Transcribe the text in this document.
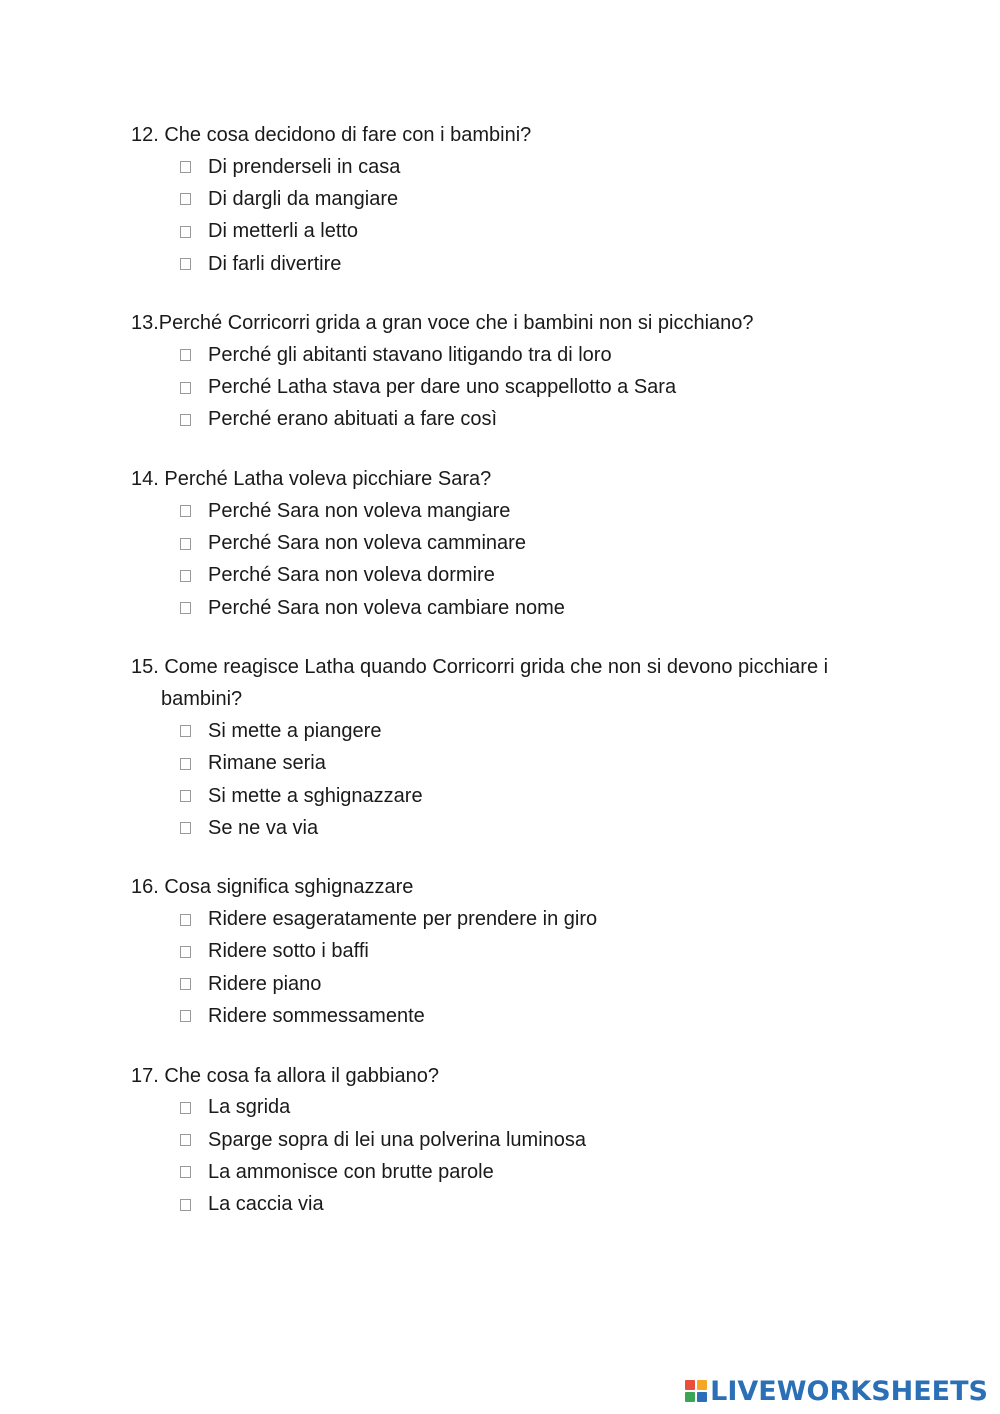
12. Che cosa decidono di fare con i bambini?

Di prenderseli in casa
Di dargli da mangiare
Di metterli a letto
Di farli divertire

13.Perché Corricorri grida a gran voce che i bambini non si picchiano?

Perché gli abitanti stavano litigando tra di loro
Perché Latha stava per dare uno scappellotto a Sara
Perché erano abituati a fare così

14. Perché Latha voleva picchiare Sara?

Perché Sara non voleva mangiare
Perché Sara non voleva camminare
Perché Sara non voleva dormire
Perché Sara non voleva cambiare nome

15. Come reagisce Latha quando Corricorri grida che non si devono picchiare i bambini?

Si mette a piangere
Rimane seria
Si mette a sghignazzare
Se ne va via

16. Cosa significa sghignazzare

Ridere esageratamente per prendere in giro
Ridere sotto i baffi
Ridere piano
Ridere sommessamente

17. Che cosa fa allora il gabbiano?

La sgrida
Sparge sopra di lei una polverina luminosa
La ammonisce con brutte parole
La caccia via
LIVEWORKSHEETS
